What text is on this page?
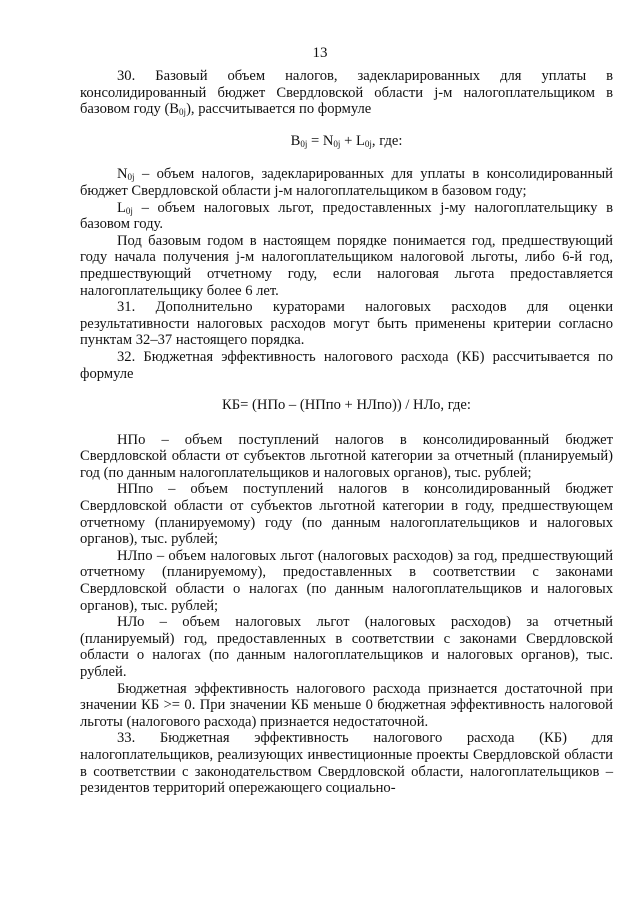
13

30. Базовый объем налогов, задекларированных для уплаты в консолидированный бюджет Свердловской области j-м налогоплательщиком в базовом году $(В_{0j})$, рассчитывается по формуле

$В_{0j} = N_{0j} + L_{0j}$, где:

$N_{0j}$ – объем налогов, задекларированных для уплаты в консолидированный бюджет Свердловской области j-м налогоплательщиком в базовом году;

$L_{0j}$ – объем налоговых льгот, предоставленных j-му налогоплательщику в базовом году.

Под базовым годом в настоящем порядке понимается год, предшествующий году начала получения j-м налогоплательщиком налоговой льготы, либо 6-й год, предшествующий отчетному году, если налоговая льгота предоставляется налогоплательщику более 6 лет.

31. Дополнительно кураторами налоговых расходов для оценки результативности налоговых расходов могут быть применены критерии согласно пунктам 32–37 настоящего порядка.

32. Бюджетная эффективность налогового расхода (КБ) рассчитывается по формуле

КБ= (НПо – (НПпо + НЛпо)) / НЛо, где:

НПо – объем поступлений налогов в консолидированный бюджет Свердловской области от субъектов льготной категории за отчетный (планируемый) год (по данным налогоплательщиков и налоговых органов), тыс. рублей;

НПпо – объем поступлений налогов в консолидированный бюджет Свердловской области от субъектов льготной категории в году, предшествующем отчетному (планируемому) году (по данным налогоплательщиков и налоговых органов), тыс. рублей;

НЛпо – объем налоговых льгот (налоговых расходов) за год, предшествующий отчетному (планируемому), предоставленных в соответствии с законами Свердловской области о налогах (по данным налогоплательщиков и налоговых органов), тыс. рублей;

НЛо – объем налоговых льгот (налоговых расходов) за отчетный (планируемый) год, предоставленных в соответствии с законами Свердловской области о налогах (по данным налогоплательщиков и налоговых органов), тыс. рублей.

Бюджетная эффективность налогового расхода признается достаточной при значении КБ >= 0. При значении КБ меньше 0 бюджетная эффективность налоговой льготы (налогового расхода) признается недостаточной.

33. Бюджетная эффективность налогового расхода (КБ) для налогоплательщиков, реализующих инвестиционные проекты Свердловской области в соответствии с законодательством Свердловской области, налогоплательщиков – резидентов территорий опережающего социально-
